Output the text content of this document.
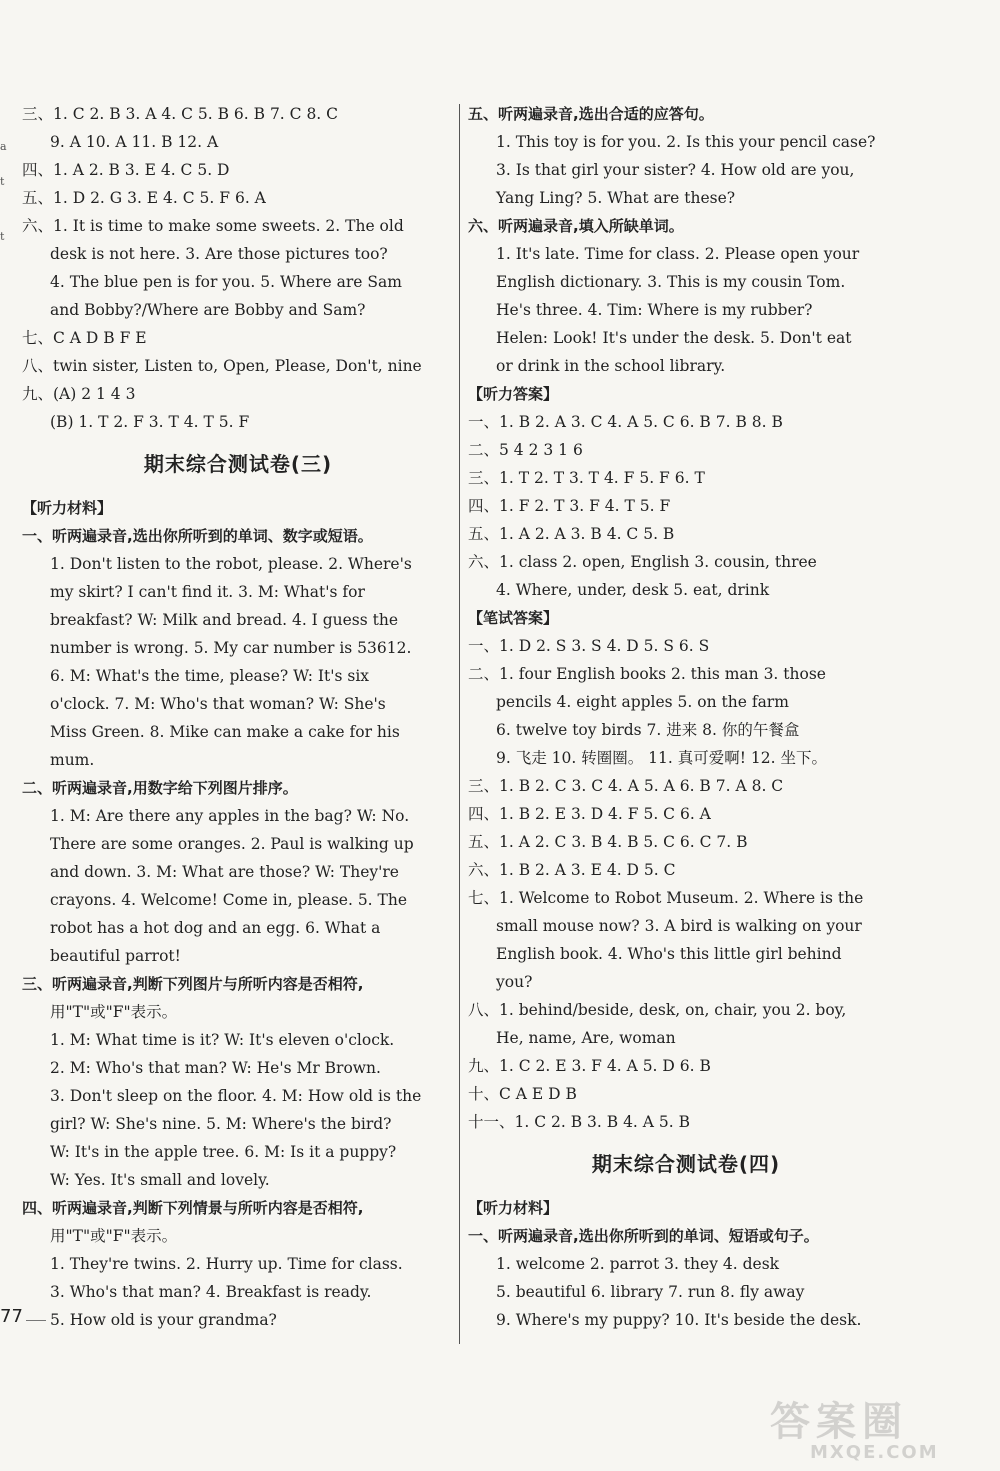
三、1. C 2. B 3. A 4. C 5. B 6. B 7. C 8. C
9. A 10. A 11. B 12. A
四、1. A 2. B 3. E 4. C 5. D
五、1. D 2. G 3. E 4. C 5. F 6. A
六、1. It is time to make some sweets. 2. The old
desk is not here. 3. Are those pictures too?
4. The blue pen is for you. 5. Where are Sam
and Bobby?/Where are Bobby and Sam?
七、C A D B F E
八、twin sister, Listen to, Open, Please, Don't, nine
九、(A) 2 1 4 3
(B) 1. T 2. F 3. T 4. T 5. F
期末综合测试卷(三)
【听力材料】
一、听两遍录音,选出你所听到的单词、数字或短语。
1. Don't listen to the robot, please. 2. Where's
my skirt? I can't find it. 3. M: What's for
breakfast? W: Milk and bread. 4. I guess the
number is wrong. 5. My car number is 53612.
6. M: What's the time, please? W: It's six
o'clock. 7. M: Who's that woman? W: She's
Miss Green. 8. Mike can make a cake for his
mum.
二、听两遍录音,用数字给下列图片排序。
1. M: Are there any apples in the bag? W: No.
There are some oranges. 2. Paul is walking up
and down. 3. M: What are those? W: They're
crayons. 4. Welcome! Come in, please. 5. The
robot has a hot dog and an egg. 6. What a
beautiful parrot!
三、听两遍录音,判断下列图片与所听内容是否相符,
用"T"或"F"表示。
1. M: What time is it? W: It's eleven o'clock.
2. M: Who's that man? W: He's Mr Brown.
3. Don't sleep on the floor. 4. M: How old is the
girl? W: She's nine. 5. M: Where's the bird?
W: It's in the apple tree. 6. M: Is it a puppy?
W: Yes. It's small and lovely.
四、听两遍录音,判断下列情景与所听内容是否相符,
用"T"或"F"表示。
1. They're twins. 2. Hurry up. Time for class.
3. Who's that man? 4. Breakfast is ready.
5. How old is your grandma?
五、听两遍录音,选出合适的应答句。
1. This toy is for you. 2. Is this your pencil case?
3. Is that girl your sister? 4. How old are you,
Yang Ling? 5. What are these?
六、听两遍录音,填入所缺单词。
1. It's late. Time for class. 2. Please open your
English dictionary. 3. This is my cousin Tom.
He's three. 4. Tim: Where is my rubber?
Helen: Look! It's under the desk. 5. Don't eat
or drink in the school library.
【听力答案】
一、1. B 2. A 3. C 4. A 5. C 6. B 7. B 8. B
二、5 4 2 3 1 6
三、1. T 2. T 3. T 4. F 5. F 6. T
四、1. F 2. T 3. F 4. T 5. F
五、1. A 2. A 3. B 4. C 5. B
六、1. class 2. open, English 3. cousin, three
4. Where, under, desk 5. eat, drink
【笔试答案】
一、1. D 2. S 3. S 4. D 5. S 6. S
二、1. four English books 2. this man 3. those
pencils 4. eight apples 5. on the farm
6. twelve toy birds 7. 进来 8. 你的午餐盒
9. 飞走 10. 转圈圈。 11. 真可爱啊! 12. 坐下。
三、1. B 2. C 3. C 4. A 5. A 6. B 7. A 8. C
四、1. B 2. E 3. D 4. F 5. C 6. A
五、1. A 2. C 3. B 4. B 5. C 6. C 7. B
六、1. B 2. A 3. E 4. D 5. C
七、1. Welcome to Robot Museum. 2. Where is the
small mouse now? 3. A bird is walking on your
English book. 4. Who's this little girl behind
you?
八、1. behind/beside, desk, on, chair, you 2. boy,
He, name, Are, woman
九、1. C 2. E 3. F 4. A 5. D 6. B
十、C A E D B
十一、1. C 2. B 3. B 4. A 5. B
期末综合测试卷(四)
【听力材料】
一、听两遍录音,选出你所听到的单词、短语或句子。
1. welcome 2. parrot 3. they 4. desk
5. beautiful 6. library 7. run 8. fly away
9. Where's my puppy? 10. It's beside the desk.
77
a
t
t
答案圈
MXQE.COM
